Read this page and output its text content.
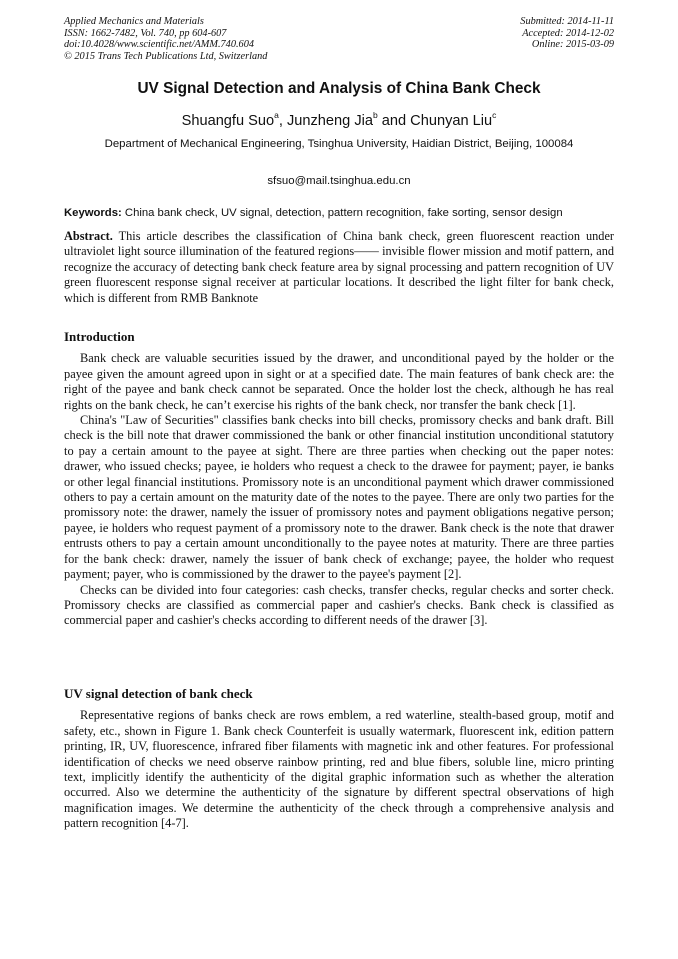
Applied Mechanics and Materials
ISSN: 1662-7482, Vol. 740, pp 604-607
doi:10.4028/www.scientific.net/AMM.740.604
© 2015 Trans Tech Publications Ltd, Switzerland
Submitted: 2014-11-11
Accepted: 2014-12-02
Online: 2015-03-09
UV Signal Detection and Analysis of China Bank Check
Shuangfu Suo$^a$, Junzheng Jia$^b$ and Chunyan Liu$^c$
Department of Mechanical Engineering, Tsinghua University, Haidian District, Beijing, 100084
sfsuo@mail.tsinghua.edu.cn
Keywords: China bank check, UV signal, detection, pattern recognition, fake sorting, sensor design
Abstract. This article describes the classification of China bank check, green fluorescent reaction under ultraviolet light source illumination of the featured regions—— invisible flower mission and motif pattern, and recognize the accuracy of detecting bank check feature area by signal processing and pattern recognition of UV green fluorescent response signal receiver at particular locations. It described the light filter for bank check, which is different from RMB Banknote
Introduction

Bank check are valuable securities issued by the drawer, and unconditional payed by the holder or the payee given the amount agreed upon in sight or at a specified date. The main features of bank check are: the right of the payee and bank check cannot be separated. Once the holder lost the check, although he has real rights on the bank check, he can’t exercise his rights of the bank check, nor transfer the bank check [1].

China's "Law of Securities" classifies bank checks into bill checks, promissory checks and bank draft. Bill check is the bill note that drawer commissioned the bank or other financial institution unconditional statutory to pay a certain amount to the payee at sight. There are three parties when checking out the paper notes: drawer, who issued checks; payee, ie holders who request a check to the drawee for payment; payer, ie banks or other legal financial institutions. Promissory note is an unconditional payment which drawer commissioned others to pay a certain amount on the maturity date of the notes to the payee. There are only two parties for the promissory note: the drawer, namely the issuer of promissory notes and payment obligations negative person; payee, ie holders who request payment of a promissory note to the drawer. Bank check is the note that drawer entrusts others to pay a certain amount unconditionally to the payee notes at maturity. There are three parties for the bank check: drawer, namely the issuer of bank check of exchange; payee, the holder who request payment; payer, who is commissioned by the drawer to the payee's payment [2].

Checks can be divided into four categories: cash checks, transfer checks, regular checks and sorter check. Promissory checks are classified as commercial paper and cashier's checks. Bank check is classified as commercial paper and cashier's checks according to different needs of the drawer [3].

UV signal detection of bank check

Representative regions of banks check are rows emblem, a red waterline, stealth-based group, motif and safety, etc., shown in Figure 1. Bank check Counterfeit is usually watermark, fluorescent ink, edition pattern printing, IR, UV, fluorescence, infrared fiber filaments with magnetic ink and other features. For professional identification of checks we need observe rainbow printing, red and blue fibers, soluble line, micro printing text, implicitly identify the authenticity of the digital graphic information such as whether the alteration occurred. Also we determine the authenticity of the signature by different spectral observations of high magnification images. We determine the authenticity of the check through a comprehensive analysis and pattern recognition [4-7].
